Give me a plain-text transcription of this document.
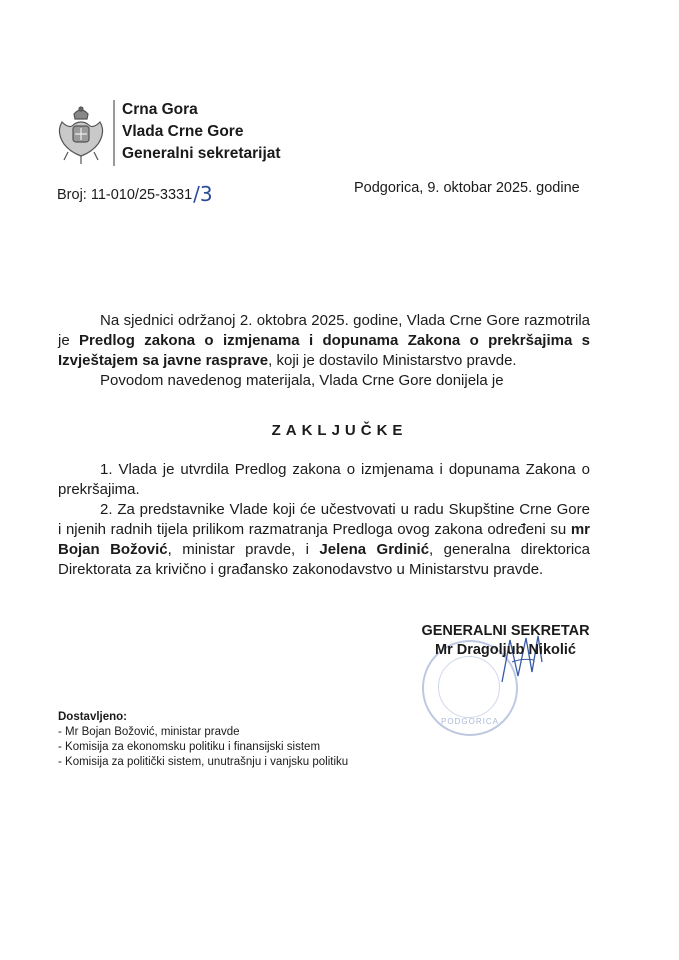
Crna Gora
Vlada Crne Gore
Generalni sekretarijat
Broj: 11-010/25-3331/3	Podgorica, 9. oktobar 2025. godine

Na sjednici održanoj 2. oktobra 2025. godine, Vlada Crne Gore razmotrila je Predlog zakona o izmjenama i dopunama Zakona o prekršajima s Izvještajem sa javne rasprave, koji je dostavilo Ministarstvo pravde.

Povodom navedenog materijala, Vlada Crne Gore donijela je

ZAKLJUČKE

1. Vlada je utvrdila Predlog zakona o izmjenama i dopunama Zakona o prekršajima.

2. Za predstavnike Vlade koji će učestvovati u radu Skupštine Crne Gore i njenih radnih tijela prilikom razmatranja Predloga ovog zakona određeni su mr Bojan Božović, ministar pravde, i Jelena Grdinić, generalna direktorica Direktorata za krivično i građansko zakonodavstvo u Ministarstvu pravde.

PODGORICA
GENERALNI SEKRETAR
Mr Dragoljub Nikolić
Dostavljeno:
- Mr Bojan Božović, ministar pravde
- Komisija za ekonomsku politiku i finansijski sistem
- Komisija za politički sistem, unutrašnju i vanjsku politiku
